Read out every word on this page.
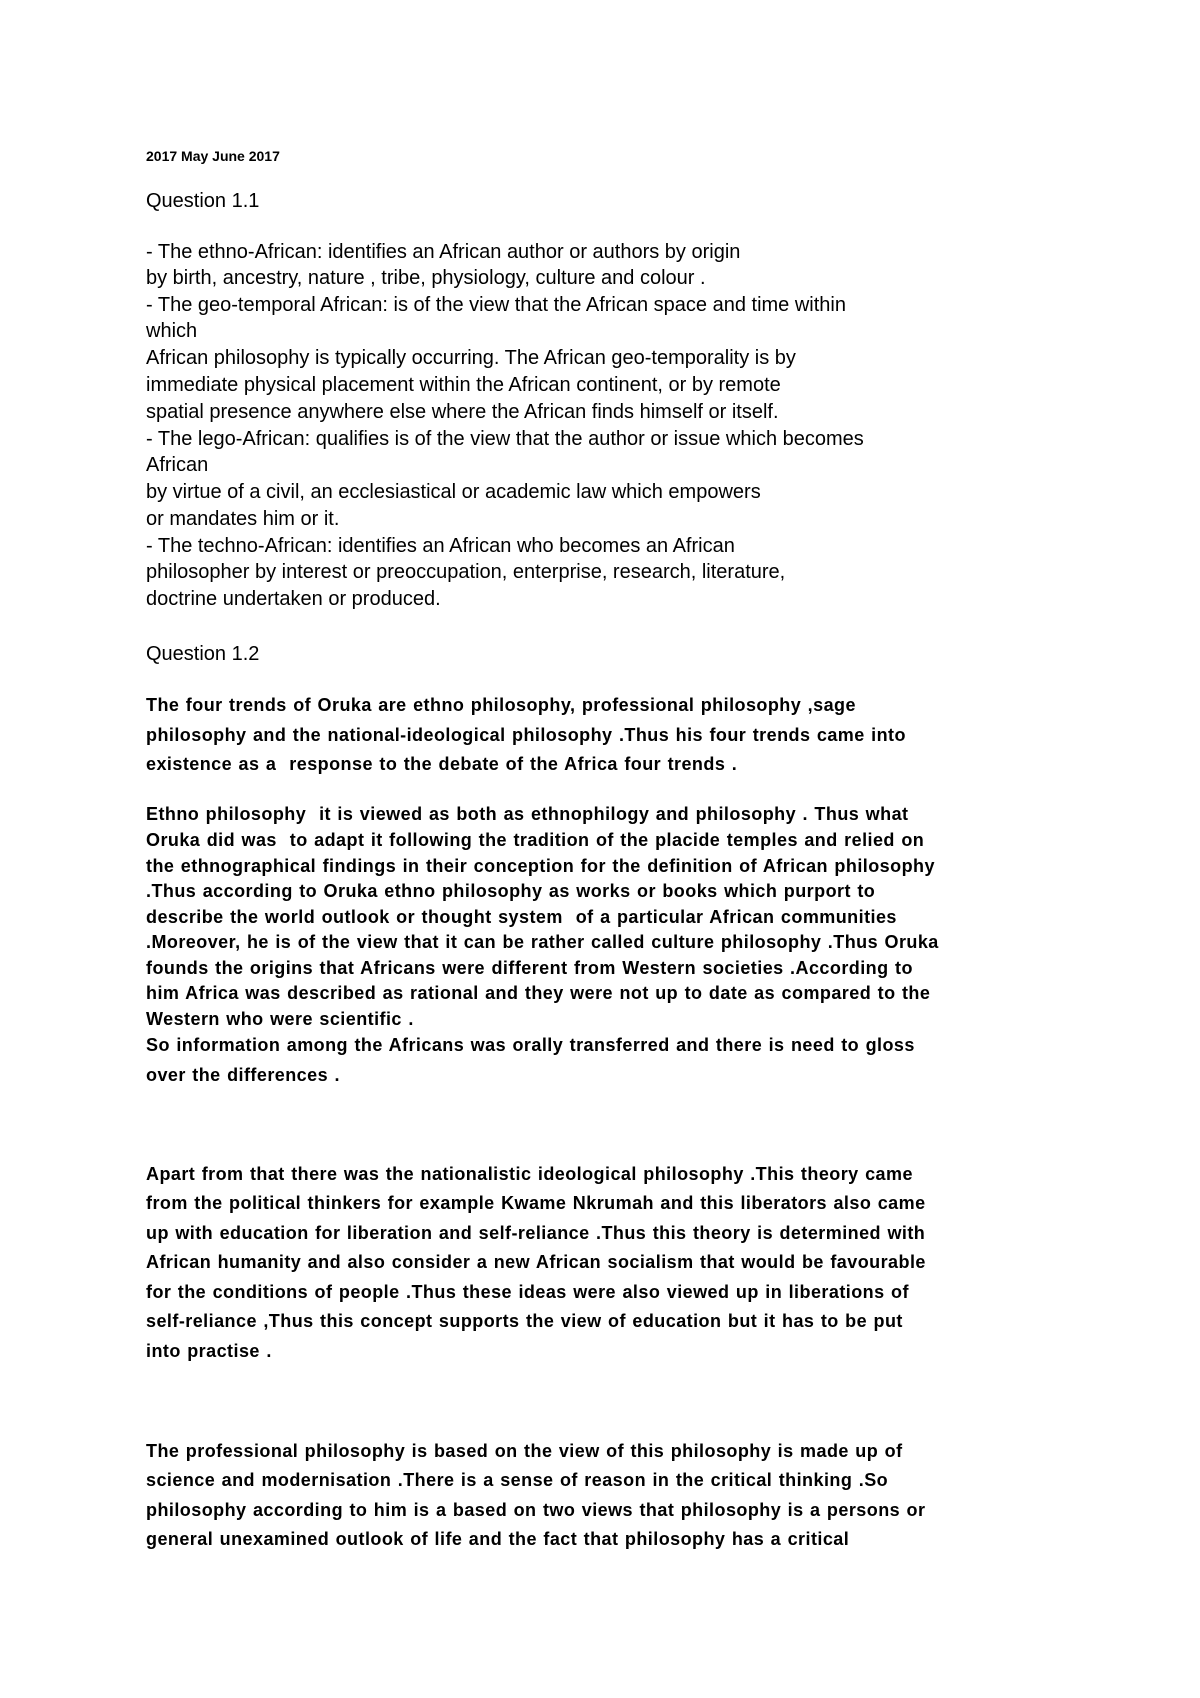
2017 May June 2017
Question 1.1
- The ethno-African: identifies an African author or authors by origin
by birth, ancestry, nature , tribe, physiology, culture and colour .
- The geo-temporal African: is of the view that the African space and time within
which
African philosophy is typically occurring. The African geo-temporality is by
immediate physical placement within the African continent, or by remote
spatial presence anywhere else where the African finds himself or itself.
- The lego-African: qualifies is of the view that the author or issue which becomes
African
by virtue of a civil, an ecclesiastical or academic law which empowers
or mandates him or it.
- The techno-African: identifies an African who becomes an African
philosopher by interest or preoccupation, enterprise, research, literature,
doctrine undertaken or produced.
Question 1.2
The four trends of Oruka are ethno philosophy, professional philosophy ,sage
philosophy and the national-ideological philosophy .Thus his four trends came into
existence as a  response to the debate of the Africa four trends .
Ethno philosophy  it is viewed as both as ethnophilogy and philosophy . Thus what
Oruka did was  to adapt it following the tradition of the placide temples and relied on
the ethnographical findings in their conception for the definition of African philosophy
.Thus according to Oruka ethno philosophy as works or books which purport to
describe the world outlook or thought system  of a particular African communities
.Moreover, he is of the view that it can be rather called culture philosophy .Thus Oruka
founds the origins that Africans were different from Western societies .According to
him Africa was described as rational and they were not up to date as compared to the
Western who were scientific .
So information among the Africans was orally transferred and there is need to gloss
over the differences .
Apart from that there was the nationalistic ideological philosophy .This theory came
from the political thinkers for example Kwame Nkrumah and this liberators also came
up with education for liberation and self-reliance .Thus this theory is determined with
African humanity and also consider a new African socialism that would be favourable
for the conditions of people .Thus these ideas were also viewed up in liberations of
self-reliance ,Thus this concept supports the view of education but it has to be put
into practise .
The professional philosophy is based on the view of this philosophy is made up of
science and modernisation .There is a sense of reason in the critical thinking .So
philosophy according to him is a based on two views that philosophy is a persons or
general unexamined outlook of life and the fact that philosophy has a critical
